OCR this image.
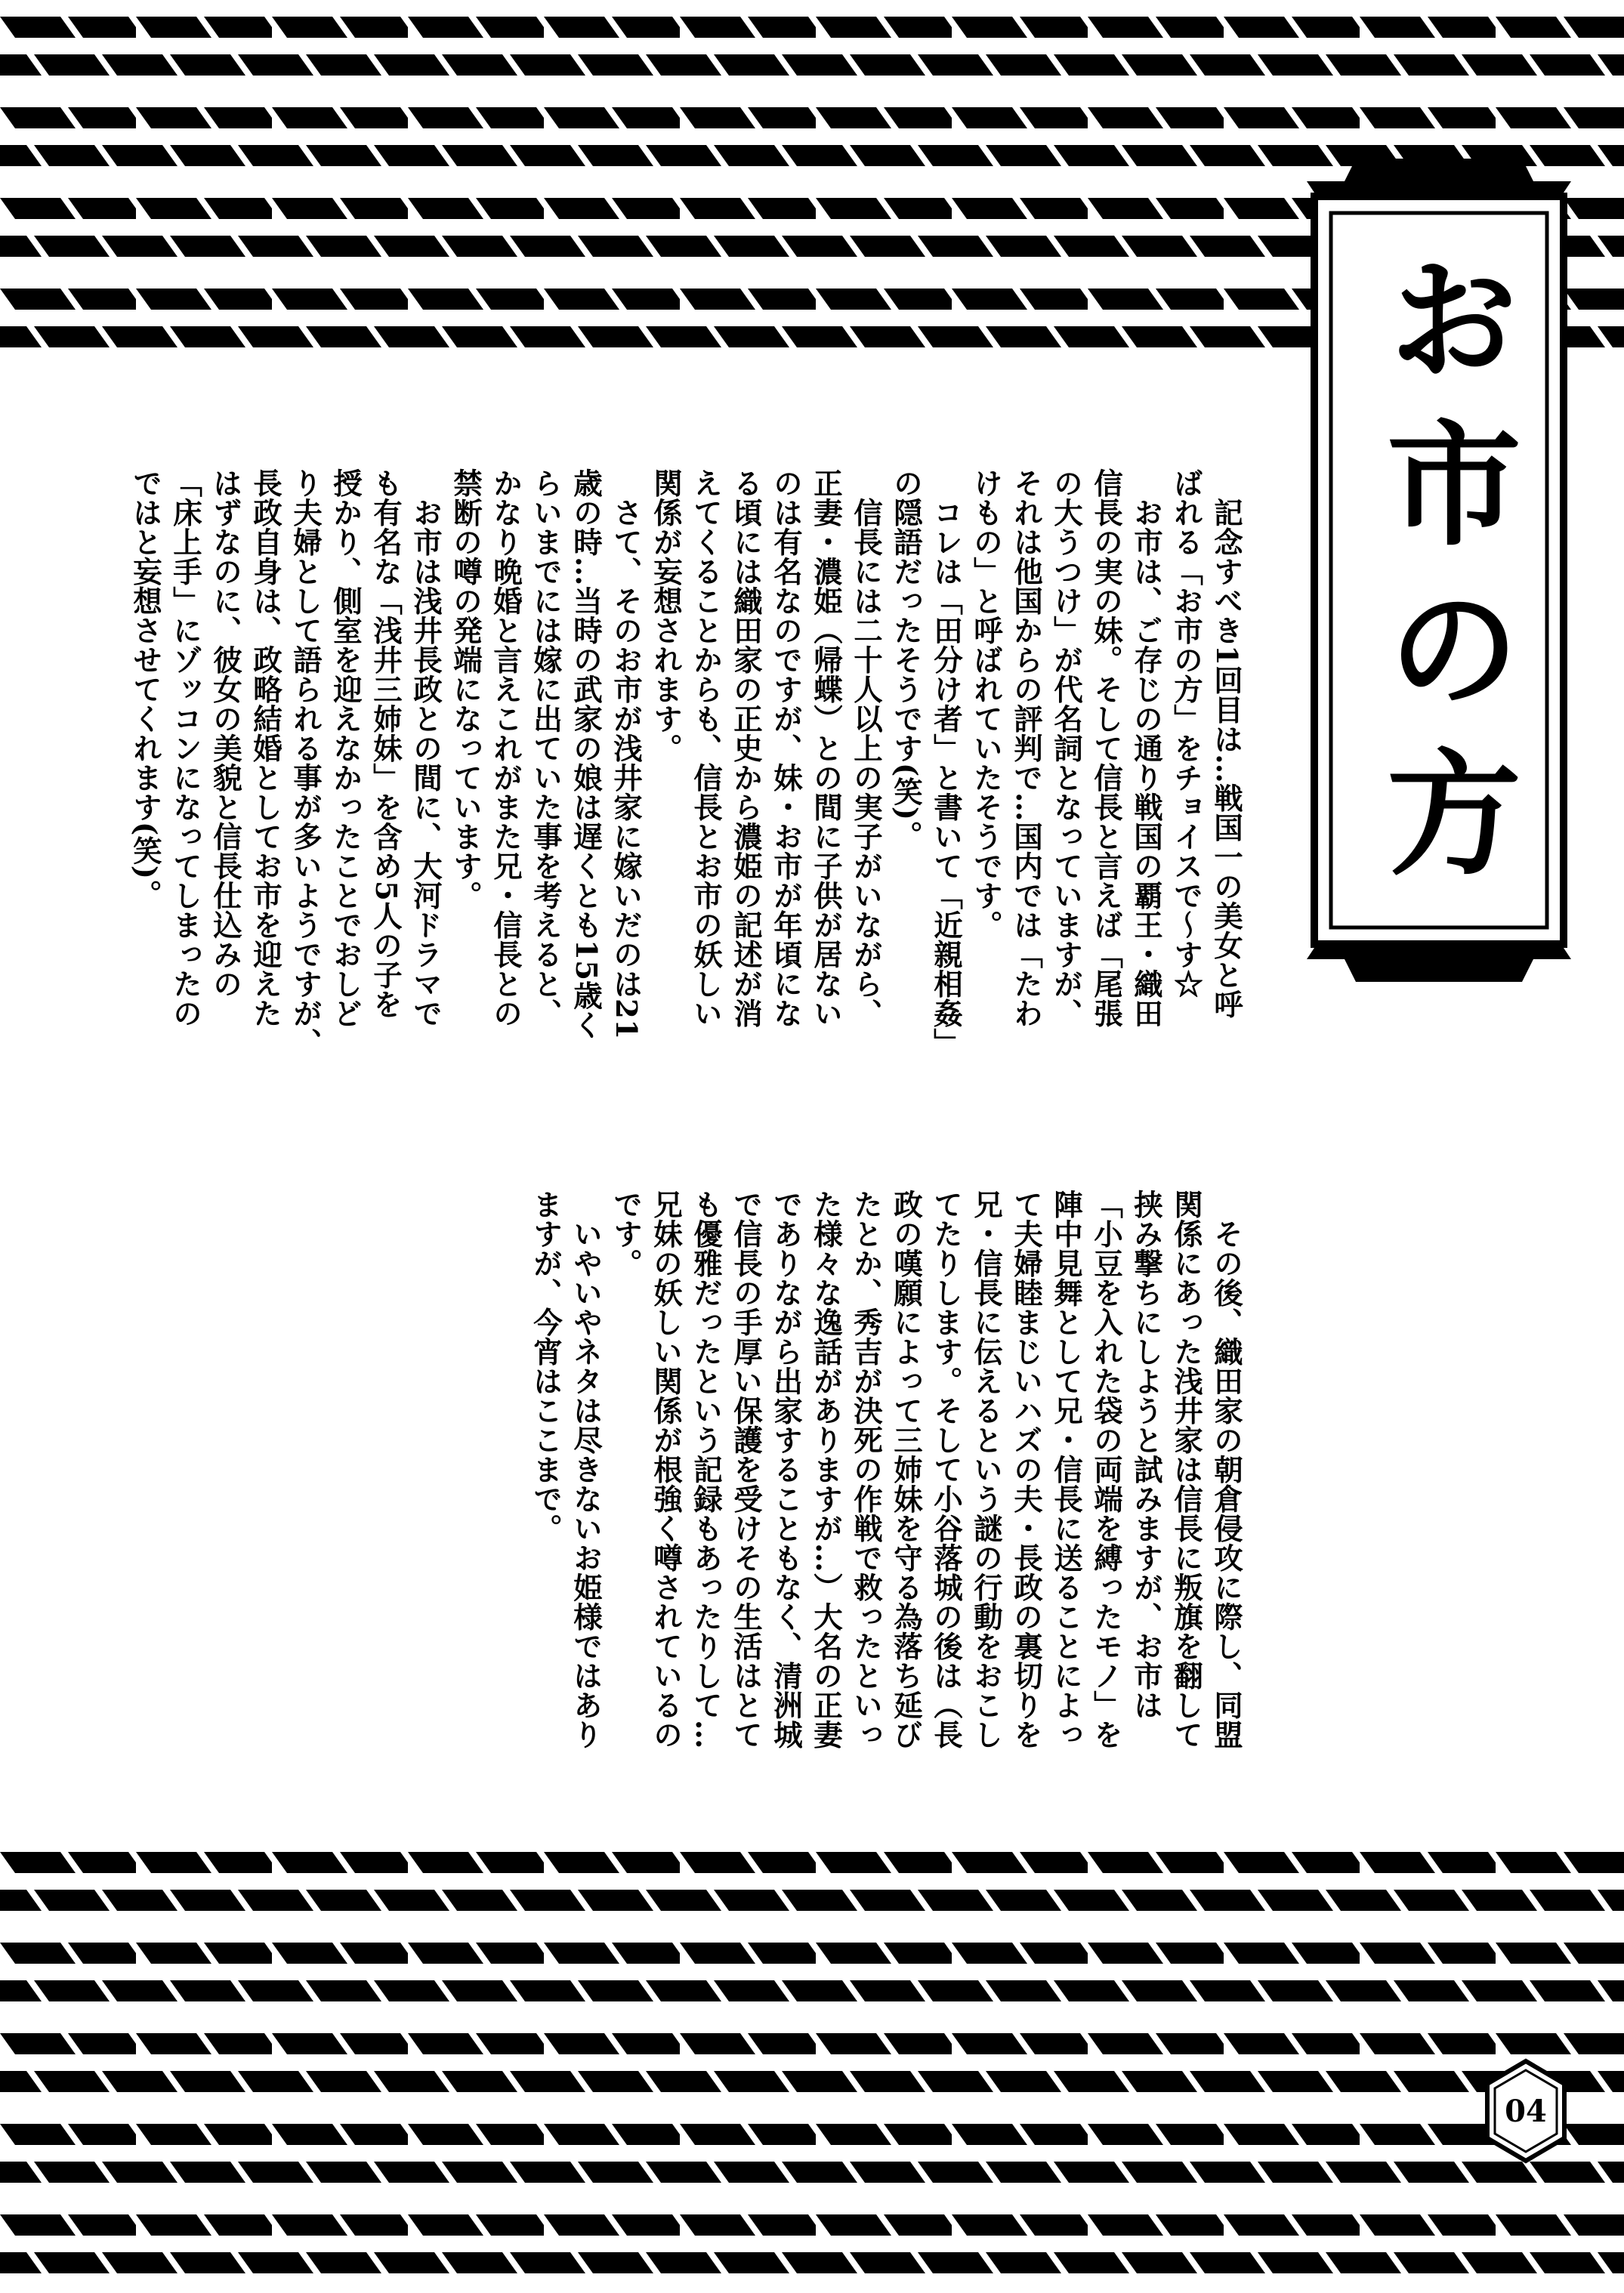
お市の方
　記念すべき1回目は…戦国一の美女と呼
ばれる「お市の方」をチョイスで～す☆
　お市は、ご存じの通り戦国の覇王・織田
信長の実の妹。そして信長と言えば「尾張
の大うつけ」が代名詞となっていますが、
それは他国からの評判で…国内では「たわ
けもの」と呼ばれていたそうです。
　コレは「田分け者」と書いて「近親相姦」
の隠語だったそうです(笑)。
　信長には二十人以上の実子がいながら、
正妻・濃姫（帰蝶）との間に子供が居ない
のは有名なのですが、妹・お市が年頃にな
る頃には織田家の正史から濃姫の記述が消
えてくることからも、信長とお市の妖しい
関係が妄想されます。
　さて、そのお市が浅井家に嫁いだのは21
歳の時…当時の武家の娘は遅くとも15歳く
らいまでには嫁に出ていた事を考えると、
かなり晩婚と言えこれがまた兄・信長との
禁断の噂の発端になっています。
　お市は浅井長政との間に、大河ドラマで
も有名な「浅井三姉妹」を含め5人の子を
授かり、側室を迎えなかったことでおしど
り夫婦として語られる事が多いようですが、
長政自身は、政略結婚としてお市を迎えた
はずなのに、彼女の美貌と信長仕込みの
「床上手」にゾッコンになってしまったの
ではと妄想させてくれます(笑)。
　その後、織田家の朝倉侵攻に際し、同盟
関係にあった浅井家は信長に叛旗を翻して
挟み撃ちにしようと試みますが、お市は
「小豆を入れた袋の両端を縛ったモノ」を
陣中見舞として兄・信長に送ることによっ
て夫婦睦まじいハズの夫・長政の裏切りを
兄・信長に伝えるという謎の行動をおこし
てたりします。そして小谷落城の後は（長
政の嘆願によって三姉妹を守る為落ち延び
たとか、秀吉が決死の作戦で救ったといっ
た様々な逸話がありますが…）大名の正妻
でありながら出家することもなく、清洲城
で信長の手厚い保護を受けその生活はとて
も優雅だったという記録もあったりして…
兄妹の妖しい関係が根強く噂されているの
です。
　いやいやネタは尽きないお姫様ではあり
ますが、今宵はここまで。
04
